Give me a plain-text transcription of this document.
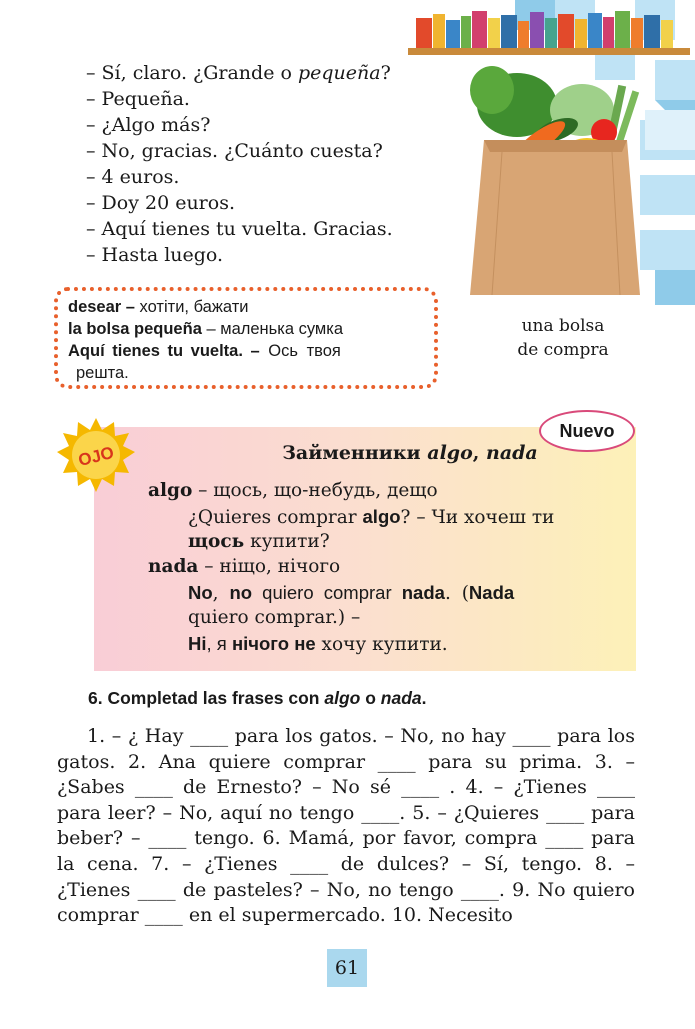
– Sí, claro. ¿Grande o pequeña?
– Pequeña.
– ¿Algo más?
– No, gracias. ¿Cuánto cuesta?
– 4 euros.
– Doy 20 euros.
– Aquí tienes tu vuelta. Gracias.
– Hasta luego.
una bolsa
de compra
desear – хотіти, бажати
la bolsa pequeña – маленька сумка
Aquí tienes tu vuelta. – Ось твоя
решта.
OJO
Nuevo
Займенники algo, nada
algo – щось, що-небудь, дещо
¿Quieres comprar algo? – Чи хочеш ти
щось купити?
nada – ніщо, нічого
No, no quiero comprar nada. (Nada
quiero comprar.) –
Ні, я нічого не хочу купити.
6. Completad las frases con algo o nada.

1. – ¿ Hay ____ para los gatos. – No, no hay ____ para los gatos. 2. Ana quiere comprar ____ para su prima. 3. – ¿Sabes ____ de Ernesto? – No sé ____ . 4. – ¿Tienes ____ para leer? – No, aquí no tengo ____. 5. – ¿Quieres ____ para beber? – ____ tengo. 6. Mamá, por favor, compra ____ para la cena. 7. – ¿Tienes ____ de dulces? – Sí, tengo. 8. – ¿Tienes ____ de pasteles? – No, no tengo ____. 9. No quiero comprar ____ en el supermercado. 10. Necesito

61
